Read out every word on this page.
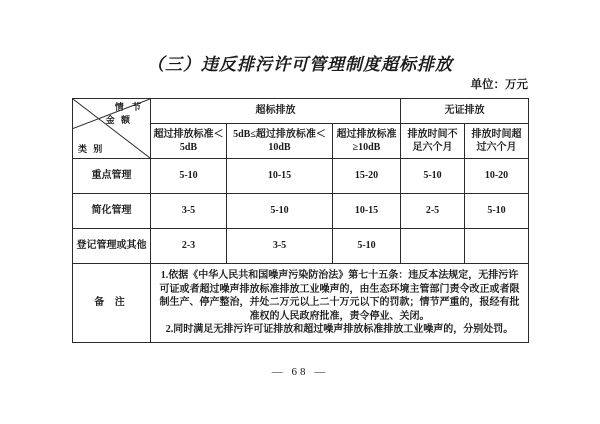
（三）违反排污许可管理制度超标排放
单位：万元
情 节
金 额
类 别	超标排放			无证排放	
	超过排放标准＜5dB	5dB≤超过排放标准＜10dB	超过排放标准≥10dB	排放时间不足六个月	排放时间超过六个月
重点管理	5-10	10-15	15-20	5-10	10-20
简化管理	3-5	5-10	10-15	2-5	5-10
登记管理或其他	2-3	3-5	5-10		
备 注	1.依据《中华人民共和国噪声污染防治法》第七十五条：违反本法规定，无排污许可证或者超过噪声排放标准排放工业噪声的，由生态环境主管部门责令改正或者限制生产、停产整治，并处二万元以上二十万元以下的罚款；情节严重的，报经有批准权的人民政府批准，责令停业、关闭。

2.同时满足无排污许可证排放和超过噪声排放标准排放工业噪声的，分别处罚。				

— 68 —
